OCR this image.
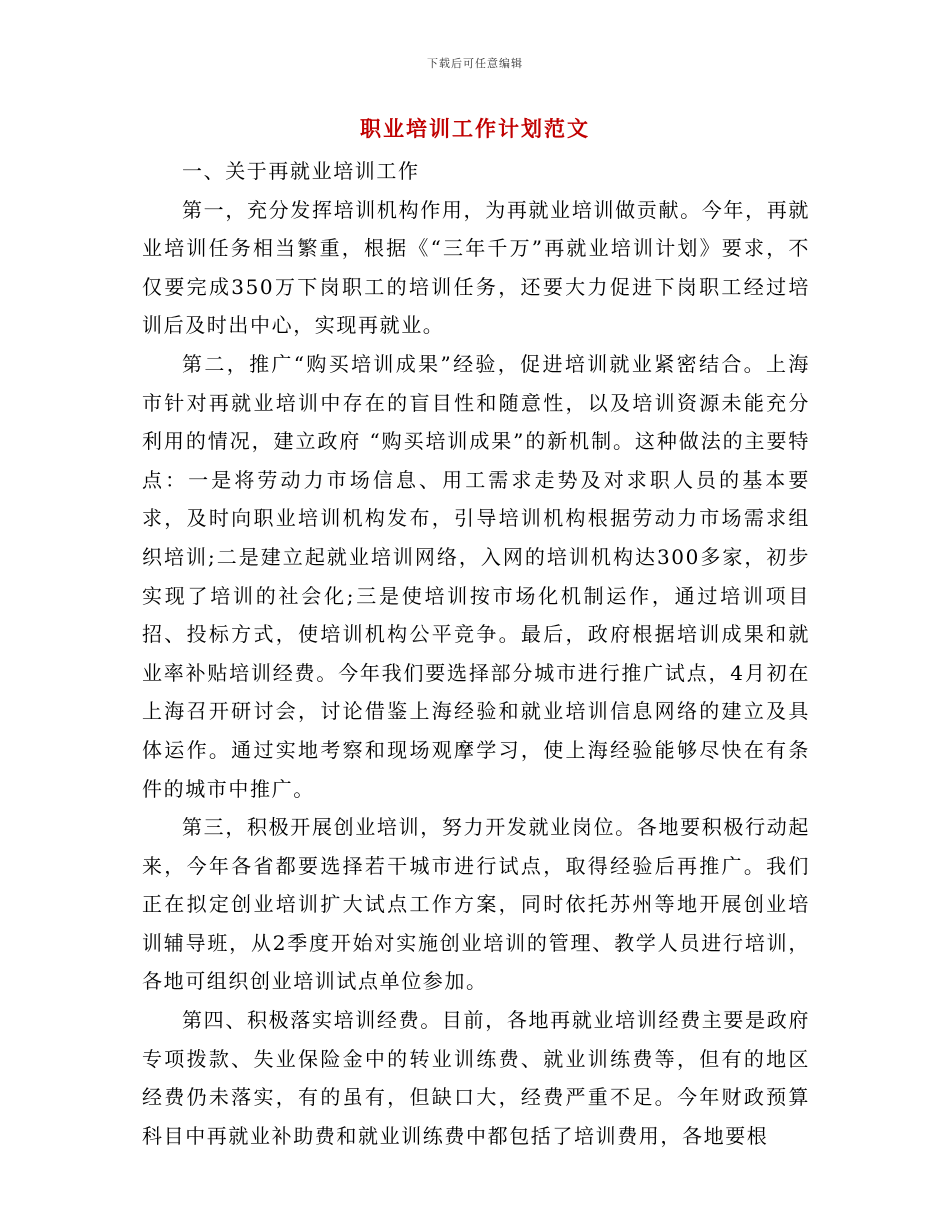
下载后可任意编辑
职业培训工作计划范文

一、关于再就业培训工作

第一，充分发挥培训机构作用，为再就业培训做贡献。今年，再就业培训任务相当繁重，根据《“三年千万”再就业培训计划》要求，不仅要完成350万下岗职工的培训任务，还要大力促进下岗职工经过培训后及时出中心，实现再就业。

第二，推广“购买培训成果”经验，促进培训就业紧密结合。上海市针对再就业培训中存在的盲目性和随意性，以及培训资源未能充分利用的情况，建立政府 “购买培训成果”的新机制。这种做法的主要特点：一是将劳动力市场信息、用工需求走势及对求职人员的基本要求，及时向职业培训机构发布，引导培训机构根据劳动力市场需求组织培训;二是建立起就业培训网络，入网的培训机构达300多家，初步实现了培训的社会化;三是使培训按市场化机制运作，通过培训项目招、投标方式，使培训机构公平竞争。最后，政府根据培训成果和就业率补贴培训经费。今年我们要选择部分城市进行推广试点，4月初在上海召开研讨会，讨论借鉴上海经验和就业培训信息网络的建立及具体运作。通过实地考察和现场观摩学习，使上海经验能够尽快在有条件的城市中推广。

第三，积极开展创业培训，努力开发就业岗位。各地要积极行动起来，今年各省都要选择若干城市进行试点，取得经验后再推广。我们正在拟定创业培训扩大试点工作方案，同时依托苏州等地开展创业培训辅导班，从2季度开始对实施创业培训的管理、教学人员进行培训，各地可组织创业培训试点单位参加。

第四、积极落实培训经费。目前，各地再就业培训经费主要是政府专项拨款、失业保险金中的转业训练费、就业训练费等，但有的地区经费仍未落实，有的虽有，但缺口大，经费严重不足。今年财政预算科目中再就业补助费和就业训练费中都包括了培训费用，各地要根
